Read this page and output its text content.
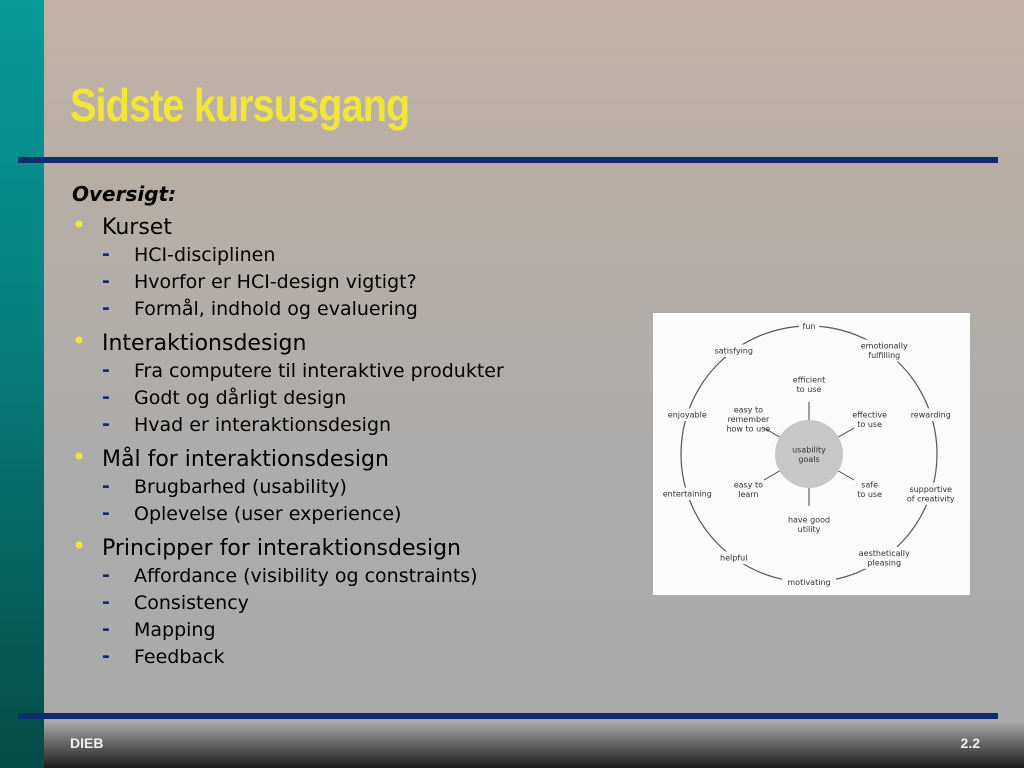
Sidste kursusgang
Oversigt:
• Kurset
- HCI-disciplinen
- Hvorfor er HCI-design vigtigt?
- Formål, indhold og evaluering
• Interaktionsdesign
- Fra computere til interaktive produkter
- Godt og dårligt design
- Hvad er interaktionsdesign
• Mål for interaktionsdesign
- Brugbarhed (usability)
- Oplevelse (user experience)
• Principper for interaktionsdesign
- Affordance (visibility og constraints)
- Consistency
- Mapping
- Feedback
usability goals
efficient to use
effective to use
safe to use
have good utility
easy to learn
easy to remember how to use
fun
emotionally fulfilling
rewarding
supportive of creativity
aesthetically pleasing
motivating
helpful
entertaining
enjoyable
satisfying
DIEB	2.2
